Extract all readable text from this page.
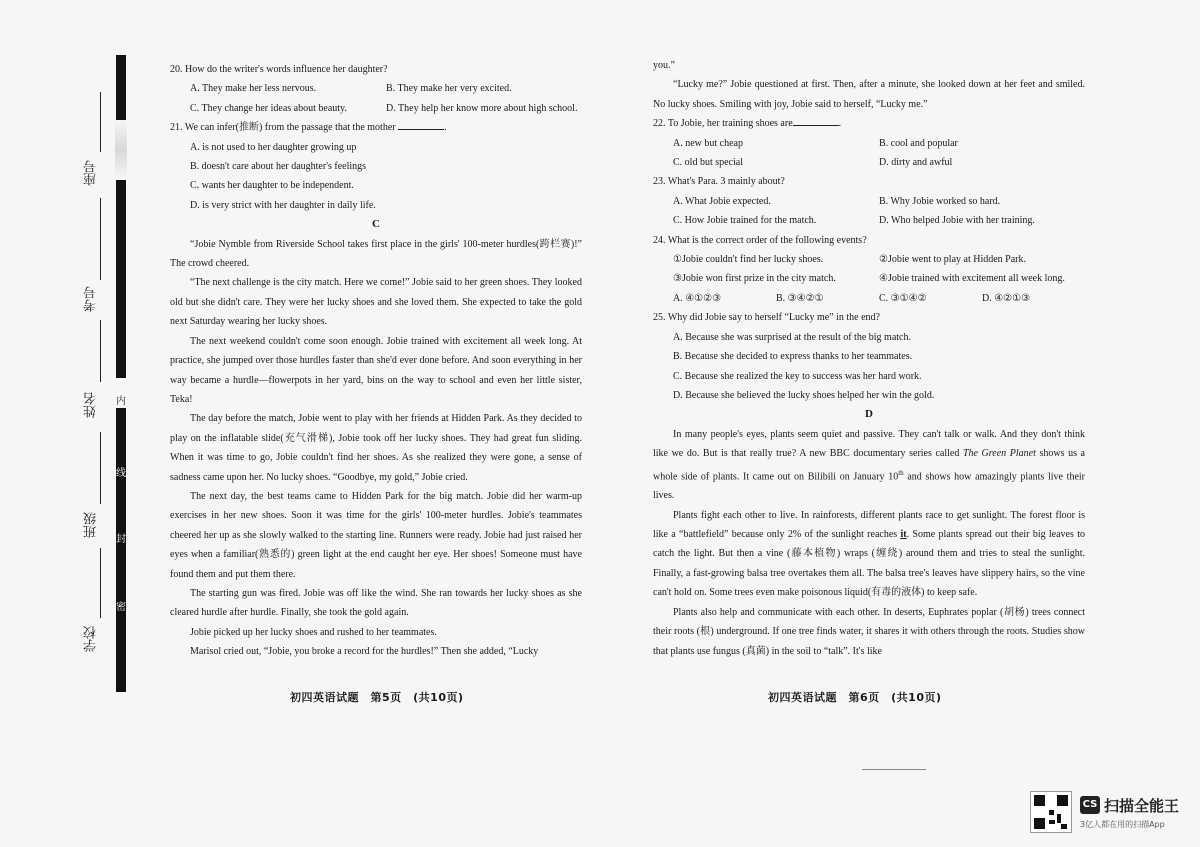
内
线
封
密
座号
考号
姓名
班级
学校

20. How do the writer's words influence her daughter?

A. They make her less nervous.	B. They make her very excited.
C. They change her ideas about beauty.	D. They help her know more about high school.

21. We can infer(推断) from the passage that the mother	.

A. is not used to her daughter growing up

B. doesn't care about her daughter's feelings

C. wants her daughter to be independent.

D. is very strict with her daughter in daily life.

C

“Jobie Nymble from Riverside School takes first place in the girls' 100-meter hurdles(跨栏赛)!” The crowd cheered.

“The next challenge is the city match. Here we come!” Jobie said to her green shoes. They looked old but she didn't care. They were her lucky shoes and she loved them. She expected to take the gold next Saturday wearing her lucky shoes.

The next weekend couldn't come soon enough. Jobie trained with excitement all week long. At practice, she jumped over those hurdles faster than she'd ever done before. And soon everything in her way became a hurdle—flowerpots in her yard, bins on the way to school and even her little sister, Teka!

The day before the match, Jobie went to play with her friends at Hidden Park. As they decided to play on the inflatable slide(充气滑梯), Jobie took off her lucky shoes. They had great fun sliding. When it was time to go, Jobie couldn't find her shoes. As she realized they were gone, a sense of sadness came upon her. No lucky shoes. “Goodbye, my gold,” Jobie cried.

The next day, the best teams came to Hidden Park for the big match. Jobie did her warm-up exercises in her new shoes. Soon it was time for the girls' 100-meter hurdles. Jobie's teammates cheered her up as she slowly walked to the starting line. Runners were ready. Jobie had just raised her eyes when a familiar(熟悉的) green light at the end caught her eye. Her shoes! Someone must have found them and put them there.

The starting gun was fired. Jobie was off like the wind. She ran towards her lucky shoes as she cleared hurdle after hurdle. Finally, she took the gold again.

Jobie picked up her lucky shoes and rushed to her teammates.

Marisol cried out, “Jobie, you broke a record for the hurdles!” Then she added, “Lucky

初四英语试题　第5页　(共10页)

you.”

“Lucky me?” Jobie questioned at first. Then, after a minute, she looked down at her feet and smiled. No lucky shoes. Smiling with joy, Jobie said to herself, “Lucky me.”

22. To Jobie, her training shoes are	.

A. new but cheap	B. cool and popular
C. old but special	D. dirty and awful

23. What's Para. 3 mainly about?

A. What Jobie expected.	B. Why Jobie worked so hard.
C. How Jobie trained for the match.	D. Who helped Jobie with her training.

24. What is the correct order of the following events?

①Jobie couldn't find her lucky shoes.	②Jobie went to play at Hidden Park.
③Jobie won first prize in the city match.	④Jobie trained with excitement all week long.
A. ④①②③	B. ③④②①	C. ③①④②	D. ④②①③

25. Why did Jobie say to herself “Lucky me” in the end?

A. Because she was surprised at the result of the big match.

B. Because she decided to express thanks to her teammates.

C. Because she realized the key to success was her hard work.

D. Because she believed the lucky shoes helped her win the gold.

D

In many people's eyes, plants seem quiet and passive. They can't talk or walk. And they don't think like we do. But is that really true? A new BBC documentary series called The Green Planet shows us a whole side of plants. It came out on Bilibili on January 10th and shows how amazingly plants live their lives.

Plants fight each other to live. In rainforests, different plants race to get sunlight. The forest floor is like a “battlefield” because only 2% of the sunlight reaches it. Some plants spread out their big leaves to catch the light. But then a vine (藤本植物) wraps (缠绕) around them and tries to steal the sunlight. Finally, a fast-growing balsa tree overtakes them all. The balsa tree's leaves have slippery hairs, so the vine can't hold on. Some trees even make poisonous liquid(有毒的液体) to keep safe.

Plants also help and communicate with each other. In deserts, Euphrates poplar (胡杨) trees connect their roots (根) underground. If one tree finds water, it shares it with others through the roots. Studies show that plants use fungus (真菌) in the soil to “talk”. It's like

初四英语试题　第6页　(共10页)
CS 扫描全能王
3亿人都在用的扫描App
